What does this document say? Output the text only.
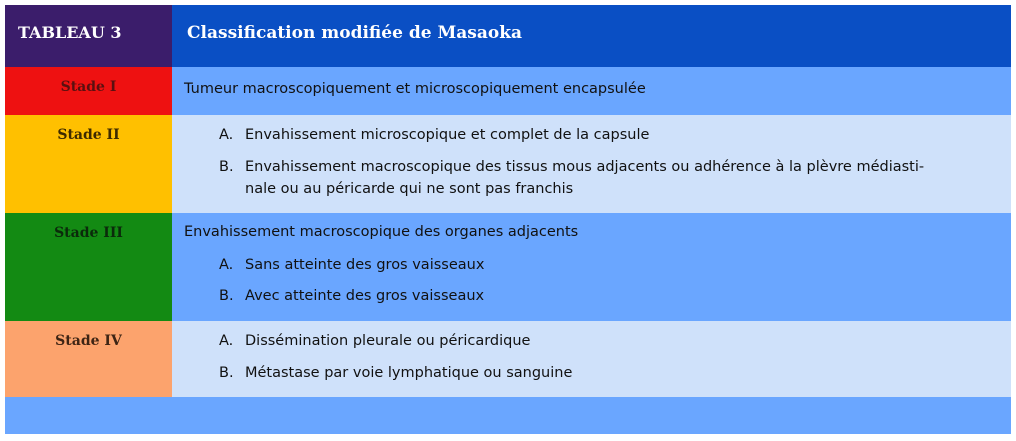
TABLEAU 3	Classification modifiée de Masaoka
Stade I	Tumeur macroscopiquement et microscopiquement encapsulée
Stade II	A. Envahissement microscopique et complet de la capsule
B. Envahissement macroscopique des tissus mous adjacents ou adhérence à la plèvre médiasti-
nale ou au péricarde qui ne sont pas franchis
Stade III	Envahissement macroscopique des organes adjacents
A. Sans atteinte des gros vaisseaux
B. Avec atteinte des gros vaisseaux
Stade IV	A. Dissémination pleurale ou péricardique
B. Métastase par voie lymphatique ou sanguine
